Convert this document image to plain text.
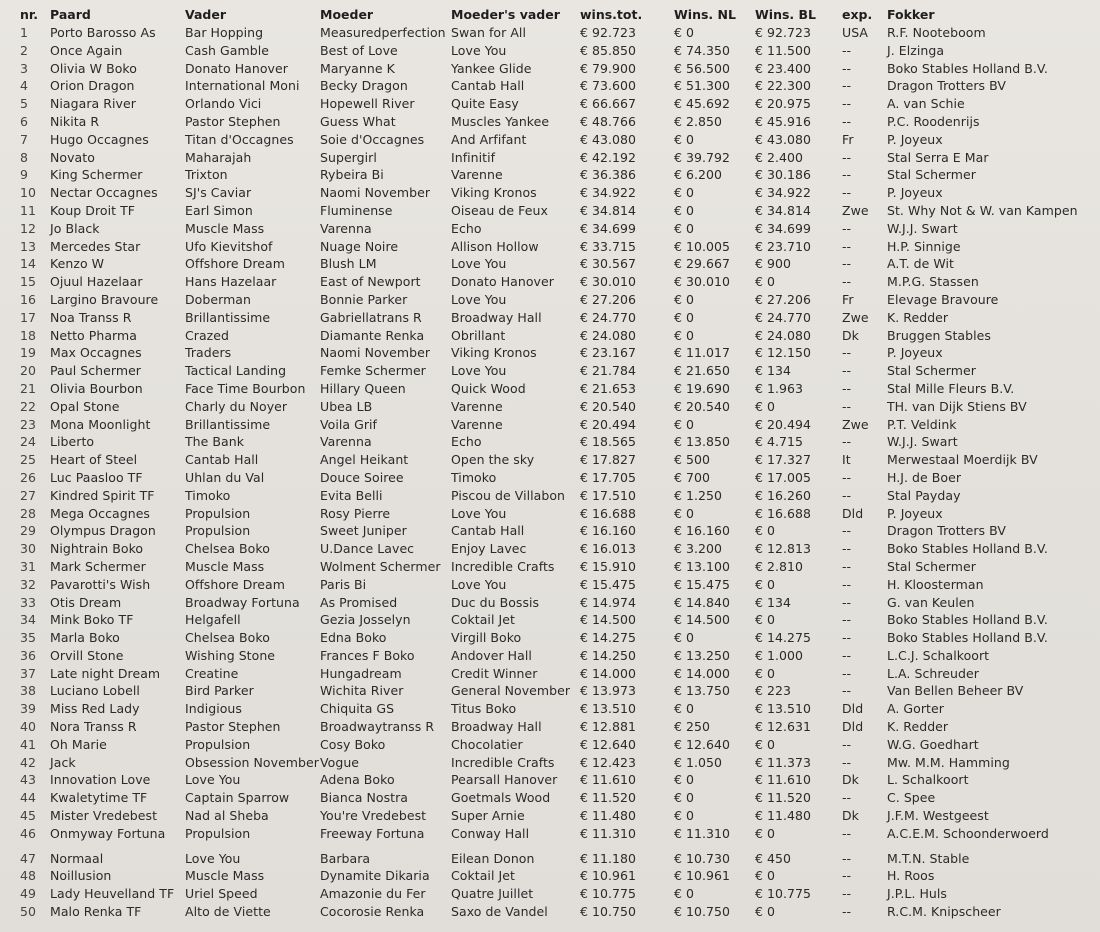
nr.	Paard	Vader	Moeder	Moeder's vader	wins.tot.	Wins. NL	Wins. BL	exp.	Fokker
1	Porto Barosso As	Bar Hopping	Measuredperfection	Swan for All	€ 92.723	€ 0	€ 92.723	USA	R.F. Nooteboom
2	Once Again	Cash Gamble	Best of Love	Love You	€ 85.850	€ 74.350	€ 11.500	--	J. Elzinga
3	Olivia W Boko	Donato Hanover	Maryanne K	Yankee Glide	€ 79.900	€ 56.500	€ 23.400	--	Boko Stables Holland B.V.
4	Orion Dragon	International Moni	Becky Dragon	Cantab Hall	€ 73.600	€ 51.300	€ 22.300	--	Dragon Trotters BV
5	Niagara River	Orlando Vici	Hopewell River	Quite Easy	€ 66.667	€ 45.692	€ 20.975	--	A. van Schie
6	Nikita R	Pastor Stephen	Guess What	Muscles Yankee	€ 48.766	€ 2.850	€ 45.916	--	P.C. Roodenrijs
7	Hugo Occagnes	Titan d'Occagnes	Soie d'Occagnes	And Arfifant	€ 43.080	€ 0	€ 43.080	Fr	P. Joyeux
8	Novato	Maharajah	Supergirl	Infinitif	€ 42.192	€ 39.792	€ 2.400	--	Stal Serra E Mar
9	King Schermer	Trixton	Rybeira Bi	Varenne	€ 36.386	€ 6.200	€ 30.186	--	Stal Schermer
10	Nectar Occagnes	SJ's Caviar	Naomi November	Viking Kronos	€ 34.922	€ 0	€ 34.922	--	P. Joyeux
11	Koup Droit TF	Earl Simon	Fluminense	Oiseau de Feux	€ 34.814	€ 0	€ 34.814	Zwe	St. Why Not & W. van Kampen
12	Jo Black	Muscle Mass	Varenna	Echo	€ 34.699	€ 0	€ 34.699	--	W.J.J. Swart
13	Mercedes Star	Ufo Kievitshof	Nuage Noire	Allison Hollow	€ 33.715	€ 10.005	€ 23.710	--	H.P. Sinnige
14	Kenzo W	Offshore Dream	Blush LM	Love You	€ 30.567	€ 29.667	€ 900	--	A.T. de Wit
15	Ojuul Hazelaar	Hans Hazelaar	East of Newport	Donato Hanover	€ 30.010	€ 30.010	€ 0	--	M.P.G. Stassen
16	Largino Bravoure	Doberman	Bonnie Parker	Love You	€ 27.206	€ 0	€ 27.206	Fr	Elevage Bravoure
17	Noa Transs R	Brillantissime	Gabriellatrans R	Broadway Hall	€ 24.770	€ 0	€ 24.770	Zwe	K. Redder
18	Netto Pharma	Crazed	Diamante Renka	Obrillant	€ 24.080	€ 0	€ 24.080	Dk	Bruggen Stables
19	Max Occagnes	Traders	Naomi November	Viking Kronos	€ 23.167	€ 11.017	€ 12.150	--	P. Joyeux
20	Paul Schermer	Tactical Landing	Femke Schermer	Love You	€ 21.784	€ 21.650	€ 134	--	Stal Schermer
21	Olivia Bourbon	Face Time Bourbon	Hillary Queen	Quick Wood	€ 21.653	€ 19.690	€ 1.963	--	Stal Mille Fleurs B.V.
22	Opal Stone	Charly du Noyer	Ubea LB	Varenne	€ 20.540	€ 20.540	€ 0	--	TH. van Dijk Stiens BV
23	Mona Moonlight	Brillantissime	Voila Grif	Varenne	€ 20.494	€ 0	€ 20.494	Zwe	P.T. Veldink
24	Liberto	The Bank	Varenna	Echo	€ 18.565	€ 13.850	€ 4.715	--	W.J.J. Swart
25	Heart of Steel	Cantab Hall	Angel Heikant	Open the sky	€ 17.827	€ 500	€ 17.327	It	Merwestaal Moerdijk BV
26	Luc Paasloo TF	Uhlan du Val	Douce Soiree	Timoko	€ 17.705	€ 700	€ 17.005	--	H.J. de Boer
27	Kindred Spirit TF	Timoko	Evita Belli	Piscou de Villabon	€ 17.510	€ 1.250	€ 16.260	--	Stal Payday
28	Mega Occagnes	Propulsion	Rosy Pierre	Love You	€ 16.688	€ 0	€ 16.688	Dld	P. Joyeux
29	Olympus Dragon	Propulsion	Sweet Juniper	Cantab Hall	€ 16.160	€ 16.160	€ 0	--	Dragon Trotters BV
30	Nightrain Boko	Chelsea Boko	U.Dance Lavec	Enjoy Lavec	€ 16.013	€ 3.200	€ 12.813	--	Boko Stables Holland B.V.
31	Mark Schermer	Muscle Mass	Wolment Schermer	Incredible Crafts	€ 15.910	€ 13.100	€ 2.810	--	Stal Schermer
32	Pavarotti's Wish	Offshore Dream	Paris Bi	Love You	€ 15.475	€ 15.475	€ 0	--	H. Kloosterman
33	Otis Dream	Broadway Fortuna	As Promised	Duc du Bossis	€ 14.974	€ 14.840	€ 134	--	G. van Keulen
34	Mink Boko TF	Helgafell	Gezia Josselyn	Coktail Jet	€ 14.500	€ 14.500	€ 0	--	Boko Stables Holland B.V.
35	Marla Boko	Chelsea Boko	Edna Boko	Virgill Boko	€ 14.275	€ 0	€ 14.275	--	Boko Stables Holland B.V.
36	Orvill Stone	Wishing Stone	Frances F Boko	Andover Hall	€ 14.250	€ 13.250	€ 1.000	--	L.C.J. Schalkoort
37	Late night Dream	Creatine	Hungadream	Credit Winner	€ 14.000	€ 14.000	€ 0	--	L.A. Schreuder
38	Luciano Lobell	Bird Parker	Wichita River	General November	€ 13.973	€ 13.750	€ 223	--	Van Bellen Beheer BV
39	Miss Red Lady	Indigious	Chiquita GS	Titus Boko	€ 13.510	€ 0	€ 13.510	Dld	A. Gorter
40	Nora Transs R	Pastor Stephen	Broadwaytranss R	Broadway Hall	€ 12.881	€ 250	€ 12.631	Dld	K. Redder
41	Oh Marie	Propulsion	Cosy Boko	Chocolatier	€ 12.640	€ 12.640	€ 0	--	W.G. Goedhart
42	Jack	Obsession November	Vogue	Incredible Crafts	€ 12.423	€ 1.050	€ 11.373	--	Mw. M.M. Hamming
43	Innovation Love	Love You	Adena Boko	Pearsall Hanover	€ 11.610	€ 0	€ 11.610	Dk	L. Schalkoort
44	Kwaletytime TF	Captain Sparrow	Bianca Nostra	Goetmals Wood	€ 11.520	€ 0	€ 11.520	--	C. Spee
45	Mister Vredebest	Nad al Sheba	You're Vredebest	Super Arnie	€ 11.480	€ 0	€ 11.480	Dk	J.F.M. Westgeest
46	Onmyway Fortuna	Propulsion	Freeway Fortuna	Conway Hall	€ 11.310	€ 11.310	€ 0	--	A.C.E.M. Schoonderwoerd
47	Normaal	Love You	Barbara	Eilean Donon	€ 11.180	€ 10.730	€ 450	--	M.T.N. Stable
48	Noillusion	Muscle Mass	Dynamite Dikaria	Coktail Jet	€ 10.961	€ 10.961	€ 0	--	H. Roos
49	Lady Heuvelland TF	Uriel Speed	Amazonie du Fer	Quatre Juillet	€ 10.775	€ 0	€ 10.775	--	J.P.L. Huls
50	Malo Renka TF	Alto de Viette	Cocorosie Renka	Saxo de Vandel	€ 10.750	€ 10.750	€ 0	--	R.C.M. Knipscheer
